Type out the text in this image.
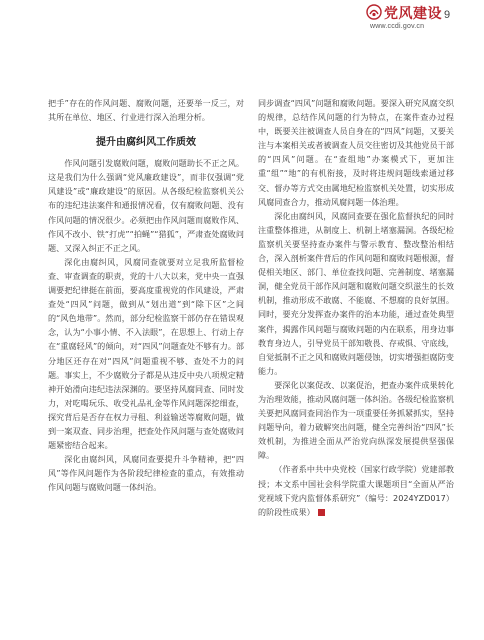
党风建设
www.ccdi.gov.cn
9

把手”存在的作风问题、腐败问题，还要举一反三，对其所在单位、地区、行业进行深入治理分析。

提升由腐纠风工作质效

作风问题引发腐败问题，腐败问题助长不正之风。这是我们为什么强调“党风廉政建设”，而非仅强调“党风建设”或“廉政建设”的原因。从各级纪检监察机关公布的违纪违法案件和通报情况看，仅有腐败问题、没有作风问题的情况很少。必须把由作风问题而腐败作风、作风不改小、铁“打虎”“拍蝇”“猎狐”，严肃查处腐败问题、又深入纠正不正之风。

深化由腐纠风，风腐同查就要对立足我所监督检查、审查调查的职责，党的十八大以来，党中央一直强调要把纪律挺在前面，要高度重视党的作风建设，严肃查处“四风”问题，做到从“划出道”到“除下区”之间的“风色地带”。然而，部分纪检监察干部仍存在错误观念，认为“小事小情、不入法眼”，在思想上、行动上存在“重腐轻风”的倾向，对“四风”问题查处不够有力。部分地区还存在对“四风”问题重视不够、查处不力的问题。事实上，不少腐败分子都是从违反中央八项规定精神开始滑向违纪违法深渊的。要坚持风腐同查、同时发力，对吃喝玩乐、收受礼品礼金等作风问题深挖细查，探究背后是否存在权力寻租、利益输送等腐败问题，做到一案双查、同步治理，把查处作风问题与查处腐败问题紧密结合起来。

深化由腐纠风，风腐同查要提升斗争精神，把“四风”等作风问题作为各阶段纪律检查的重点，有效推动作风问题与腐败问题一体纠治。

同步调查“四风”问题和腐败问题。要深入研究风腐交织的规律，总结作风问题的行为特点，在案件查办过程中，既要关注被调查人员自身在的“四风”问题，又要关注与本案相关或者被调查人员交往密切及其他党员干部的“四风”问题。在“查组地”办案模式下，更加注重“组”“地”的有机衔接，及时将违规问题线索通过移交、督办等方式交由属地纪检监察机关处置，切实形成风腐同查合力，推动风腐问题一体治理。

深化由腐纠风，风腐同查要在强化监督执纪的同时注重整体推进，从制度上、机制上堵塞漏洞。各级纪检监察机关要坚持查办案件与警示教育、整改整治相结合，深入剖析案件背后的作风问题和腐败问题根源，督促相关地区、部门、单位查找问题、完善制度、堵塞漏洞，健全党员干部作风问题和腐败问题交织滋生的长效机制，推动形成不敢腐、不能腐、不想腐的良好氛围。同时，要充分发挥查办案件的治本功能，通过查处典型案件，揭露作风问题与腐败问题的内在联系，用身边事教育身边人，引导党员干部知敬畏、存戒惧、守底线，自觉抵制不正之风和腐败问题侵蚀，切实增强拒腐防变能力。

要深化以案促改、以案促治，把查办案件成果转化为治理效能，推动风腐问题一体纠治。各级纪检监察机关要把风腐同查同治作为一项重要任务抓紧抓实，坚持问题导向，着力破解突出问题，健全完善纠治“四风”长效机制，为推进全面从严治党向纵深发展提供坚强保障。

（作者系中共中央党校（国家行政学院）党建部教授；本文系中国社会科学院重大课题项目“全面从严治党视域下党内监督体系研究”（编号：2024YZD017）的阶段性成果）
